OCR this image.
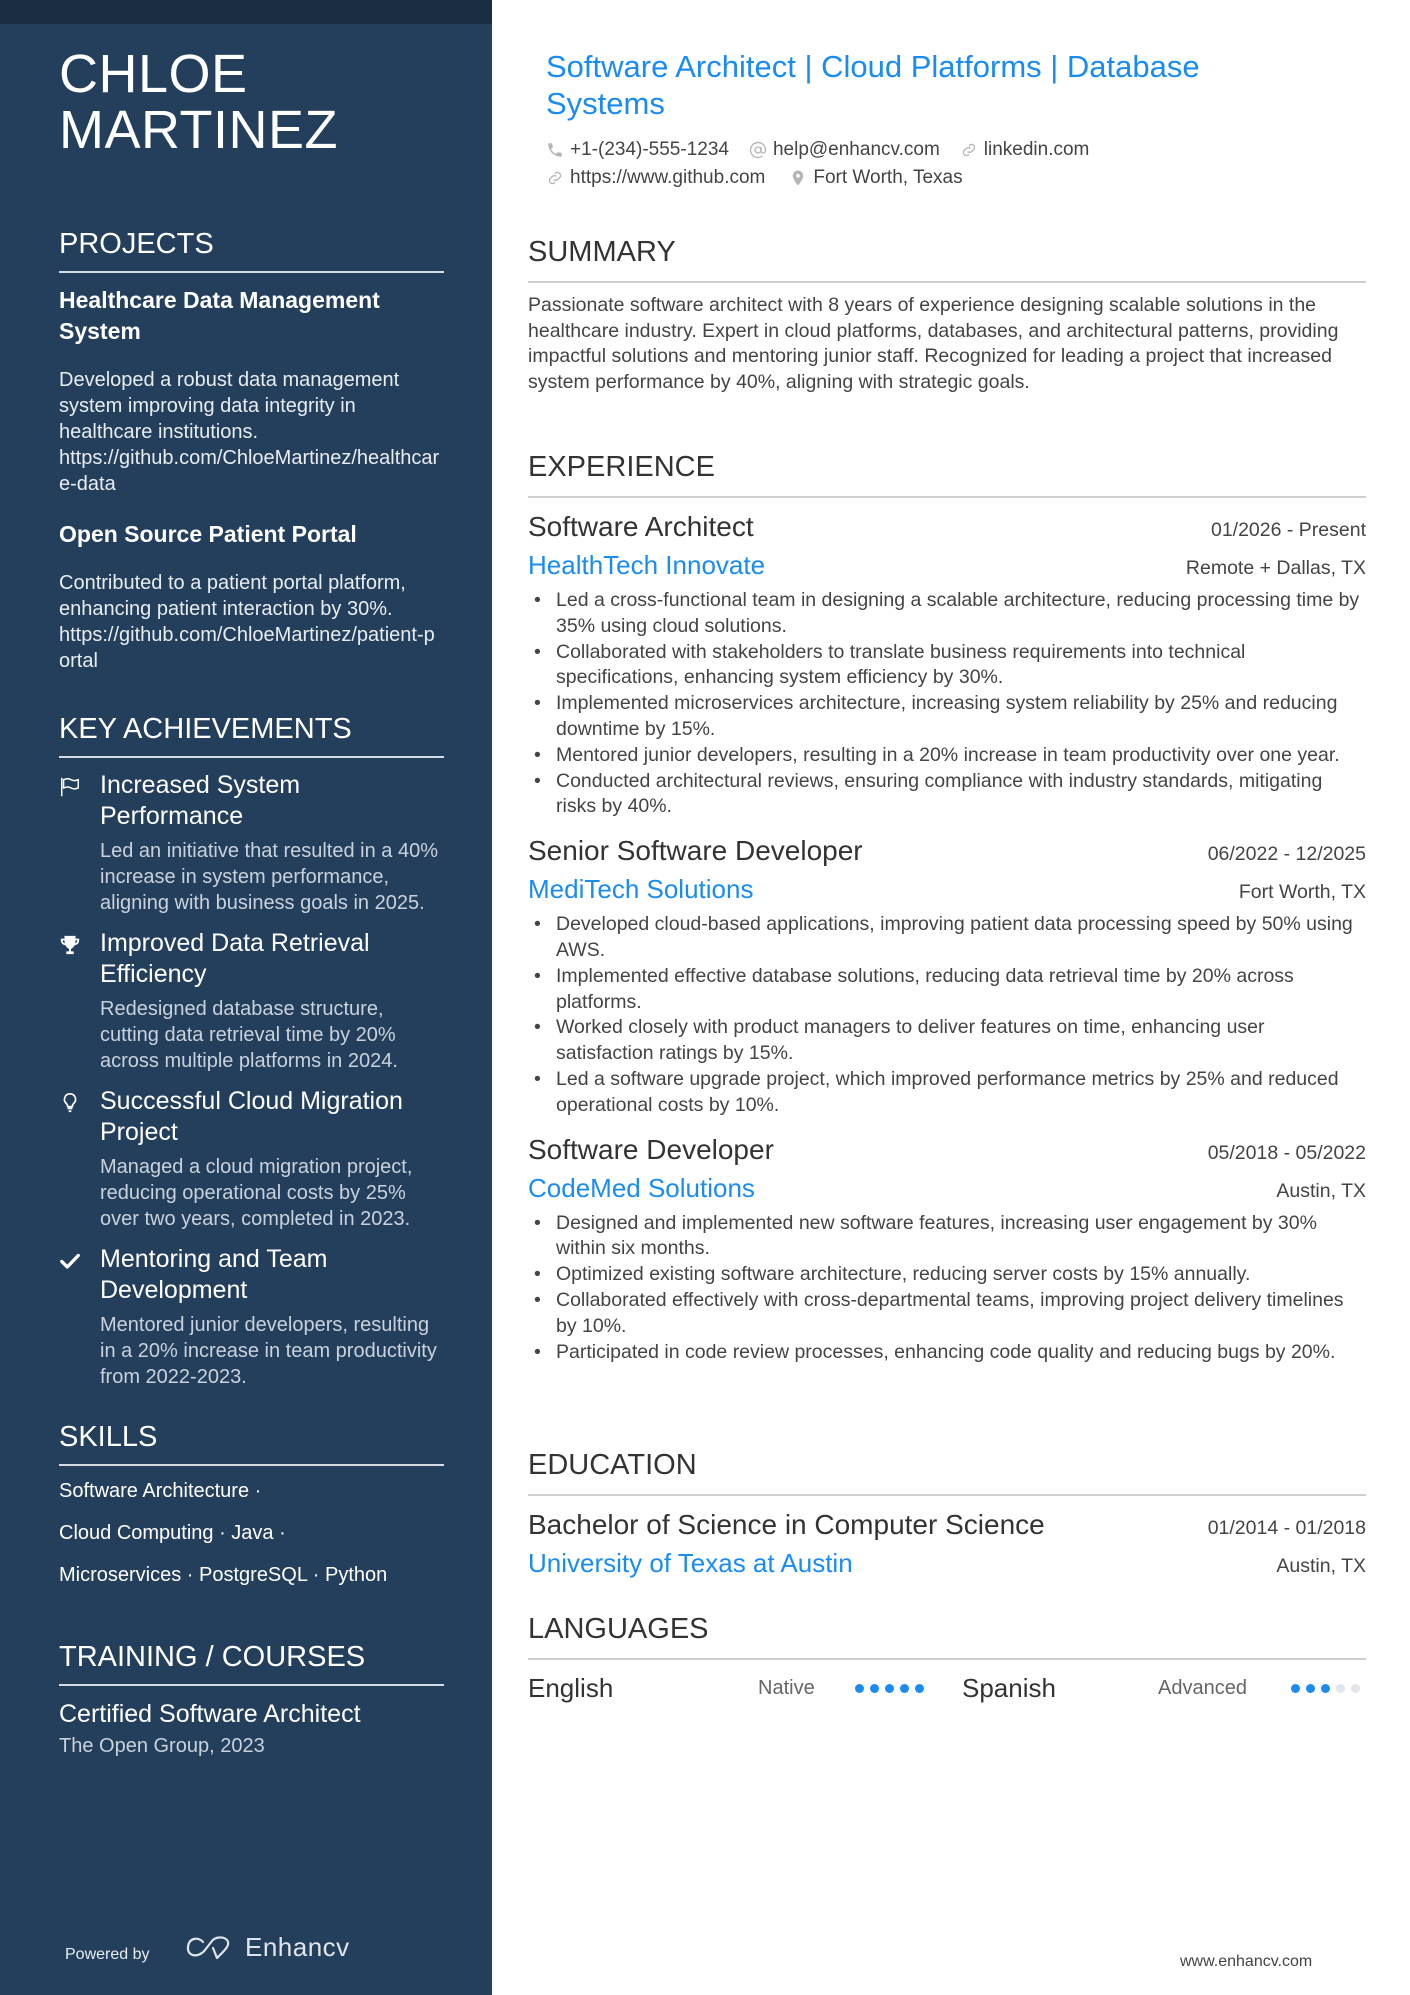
CHLOE
MARTINEZ
PROJECTS
Healthcare Data Management System
Developed a robust data management system improving data integrity in healthcare institutions.
https://github.com/ChloeMartinez/healthcare-data
Open Source Patient Portal
Contributed to a patient portal platform, enhancing patient interaction by 30%.
https://github.com/ChloeMartinez/patient-portal
KEY ACHIEVEMENTS
Increased System Performance
Led an initiative that resulted in a 40% increase in system performance, aligning with business goals in 2025.
Improved Data Retrieval Efficiency
Redesigned database structure, cutting data retrieval time by 20% across multiple platforms in 2024.
Successful Cloud Migration Project
Managed a cloud migration project, reducing operational costs by 25% over two years, completed in 2023.
Mentoring and Team Development
Mentored junior developers, resulting in a 20% increase in team productivity from 2022-2023.
SKILLS
Software Architecture ·
Cloud Computing · Java ·
Microservices · PostgreSQL · Python
TRAINING / COURSES
Certified Software Architect
The Open Group, 2023
Powered by	Enhancv
Software Architect | Cloud Platforms | Database Systems
+1-(234)-555-1234 help@enhancv.com linkedin.com
https://www.github.com	Fort Worth, Texas
SUMMARY

Passionate software architect with 8 years of experience designing scalable solutions in the healthcare industry. Expert in cloud platforms, databases, and architectural patterns, providing impactful solutions and mentoring junior staff. Recognized for leading a project that increased system performance by 40%, aligning with strategic goals.

EXPERIENCE
Software Architect	01/2026 - Present
HealthTech Innovate	Remote + Dallas, TX
• Led a cross-functional team in designing a scalable architecture, reducing processing time by 35% using cloud solutions.
• Collaborated with stakeholders to translate business requirements into technical specifications, enhancing system efficiency by 30%.
• Implemented microservices architecture, increasing system reliability by 25% and reducing downtime by 15%.
• Mentored junior developers, resulting in a 20% increase in team productivity over one year.
• Conducted architectural reviews, ensuring compliance with industry standards, mitigating risks by 40%.
Senior Software Developer	06/2022 - 12/2025
MediTech Solutions	Fort Worth, TX
• Developed cloud-based applications, improving patient data processing speed by 50% using AWS.
• Implemented effective database solutions, reducing data retrieval time by 20% across platforms.
• Worked closely with product managers to deliver features on time, enhancing user satisfaction ratings by 15%.
• Led a software upgrade project, which improved performance metrics by 25% and reduced operational costs by 10%.
Software Developer	05/2018 - 05/2022
CodeMed Solutions	Austin, TX
• Designed and implemented new software features, increasing user engagement by 30% within six months.
• Optimized existing software architecture, reducing server costs by 15% annually.
• Collaborated effectively with cross-departmental teams, improving project delivery timelines by 10%.
• Participated in code review processes, enhancing code quality and reducing bugs by 20%.
EDUCATION
Bachelor of Science in Computer Science	01/2014 - 01/2018
University of Texas at Austin	Austin, TX
LANGUAGES
English	Native	Spanish	Advanced
www.enhancv.com
